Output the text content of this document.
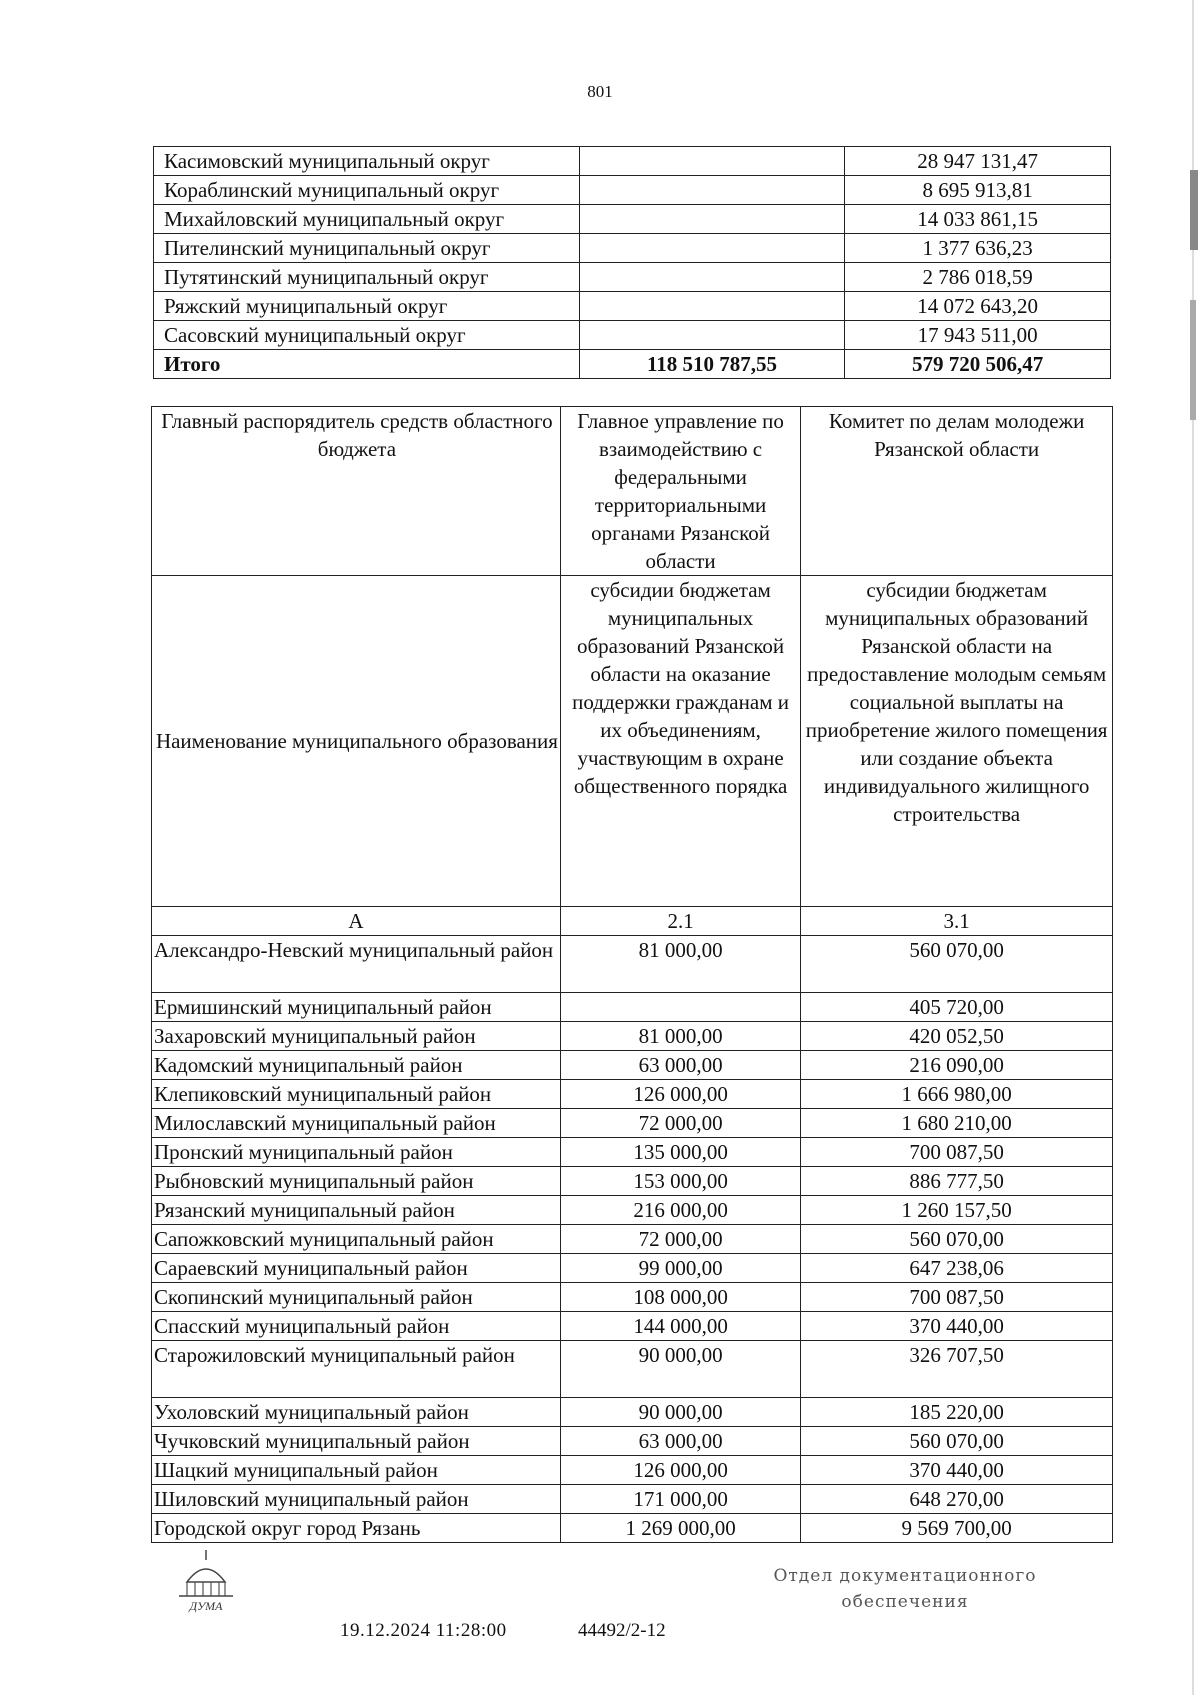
801
Касимовский муниципальный округ		28 947 131,47
Кораблинский муниципальный округ		8 695 913,81
Михайловский муниципальный округ		14 033 861,15
Пителинский муниципальный округ		1 377 636,23
Путятинский муниципальный округ		2 786 018,59
Ряжский муниципальный округ		14 072 643,20
Сасовский муниципальный округ		17 943 511,00
Итого	118 510 787,55	579 720 506,47
Главный распорядитель средств областного бюджета	Главное управление по взаимодействию с федеральными территориальными органами Рязанской области	Комитет по делам молодежи Рязанской области
Наименование муниципального образования	субсидии бюджетам муниципальных образований Рязанской области на оказание поддержки гражданам и их объединениям, участвующим в охране общественного порядка	субсидии бюджетам муниципальных образований Рязанской области на предоставление молодым семьям социальной выплаты на приобретение жилого помещения или создание объекта индивидуального жилищного строительства
А	2.1	3.1
Александро-Невский муниципальный район	81 000,00	560 070,00
Ермишинский муниципальный район		405 720,00
Захаровский муниципальный район	81 000,00	420 052,50
Кадомский муниципальный район	63 000,00	216 090,00
Клепиковский муниципальный район	126 000,00	1 666 980,00
Милославский муниципальный район	72 000,00	1 680 210,00
Пронский муниципальный район	135 000,00	700 087,50
Рыбновский муниципальный район	153 000,00	886 777,50
Рязанский муниципальный район	216 000,00	1 260 157,50
Сапожковский муниципальный район	72 000,00	560 070,00
Сараевский муниципальный район	99 000,00	647 238,06
Скопинский муниципальный район	108 000,00	700 087,50
Спасский муниципальный район	144 000,00	370 440,00
Старожиловский муниципальный район	90 000,00	326 707,50
Ухоловский муниципальный район	90 000,00	185 220,00
Чучковский муниципальный район	63 000,00	560 070,00
Шацкий муниципальный район	126 000,00	370 440,00
Шиловский муниципальный район	171 000,00	648 270,00
Городской округ город Рязань	1 269 000,00	9 569 700,00
ДУМА
19.12.2024 11:28:00	44492/2-12
Отдел документационного обеспечения
